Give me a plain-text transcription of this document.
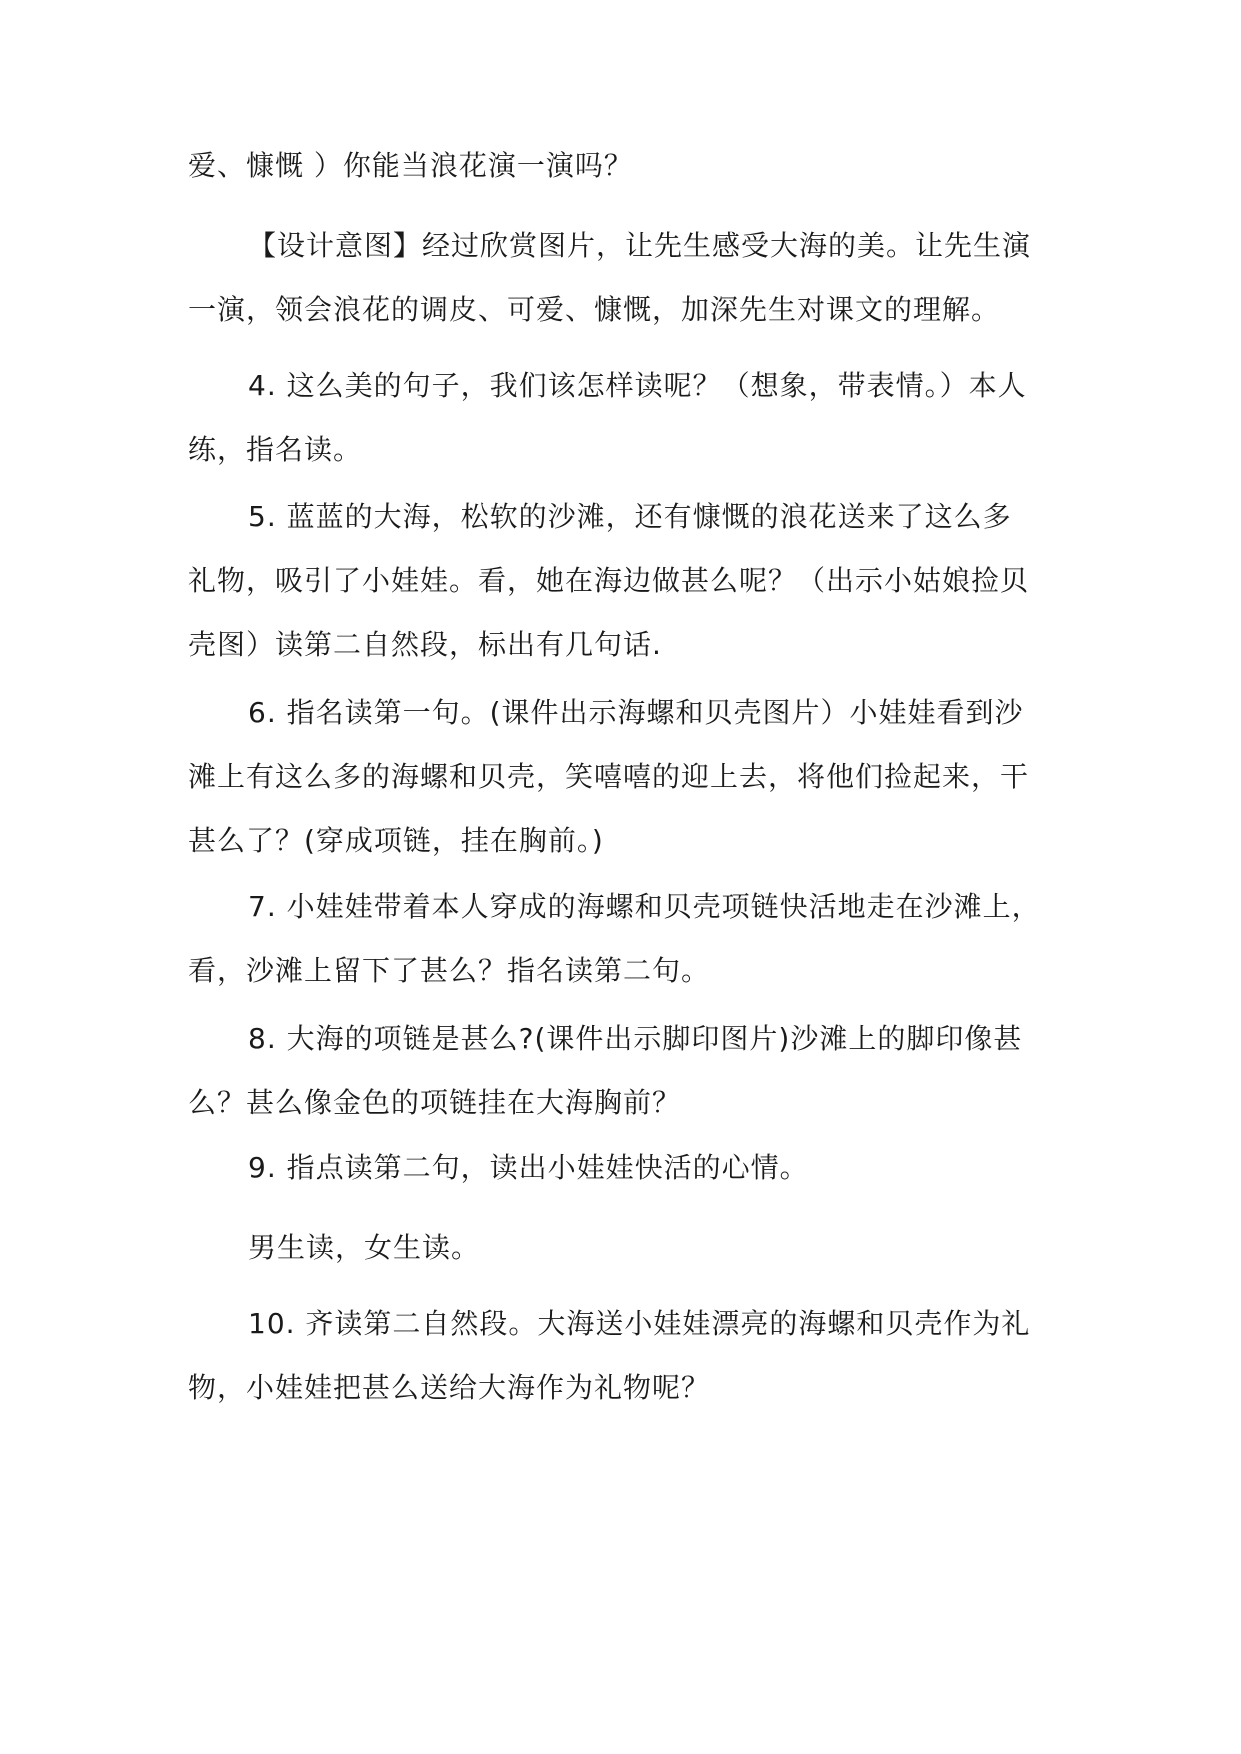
爱、慷慨 ）你能当浪花演一演吗？

【设计意图】经过欣赏图片，让先生感受大海的美。让先生演
一演，领会浪花的调皮、可爱、慷慨，加深先生对课文的理解。

4. 这么美的句子，我们该怎样读呢？（想象，带表情。）本人
练，指名读。

5. 蓝蓝的大海，松软的沙滩，还有慷慨的浪花送来了这么多
礼物，吸引了小娃娃。看，她在海边做甚么呢？（出示小姑娘捡贝
壳图）读第二自然段，标出有几句话.

6. 指名读第一句。(课件出示海螺和贝壳图片）小娃娃看到沙
滩上有这么多的海螺和贝壳，笑嘻嘻的迎上去，将他们捡起来，干
甚么了？(穿成项链，挂在胸前。)

7. 小娃娃带着本人穿成的海螺和贝壳项链快活地走在沙滩上，
看，沙滩上留下了甚么？指名读第二句。

8. 大海的项链是甚么?(课件出示脚印图片)沙滩上的脚印像甚
么？甚么像金色的项链挂在大海胸前？

9. 指点读第二句，读出小娃娃快活的心情。

男生读，女生读。

10. 齐读第二自然段。大海送小娃娃漂亮的海螺和贝壳作为礼
物，小娃娃把甚么送给大海作为礼物呢？
